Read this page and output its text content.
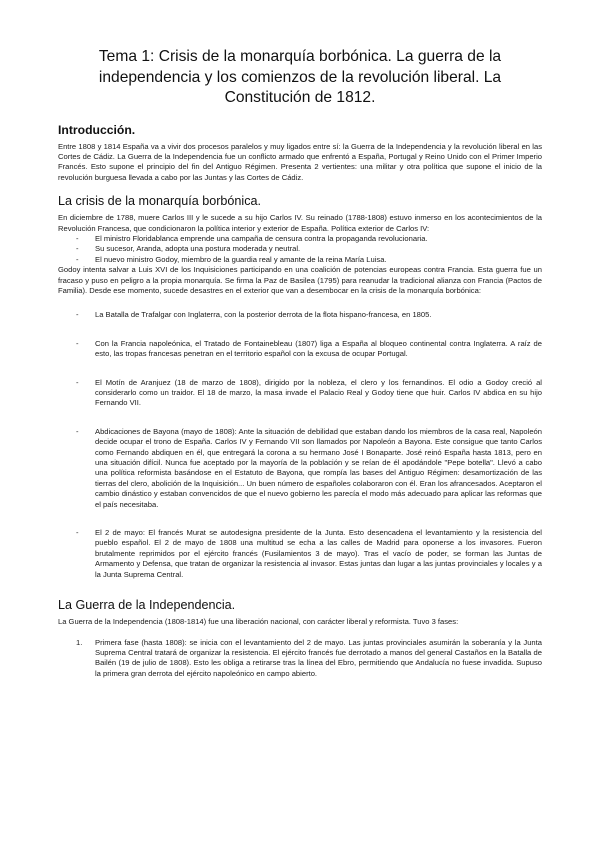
Tema 1: Crisis de la monarquía borbónica. La guerra de la independencia y los comienzos de la revolución liberal. La Constitución de 1812.
Introducción.

Entre 1808 y 1814 España va a vivir dos procesos paralelos y muy ligados entre sí: la Guerra de la Independencia y la revolución liberal en las Cortes de Cádiz. La Guerra de la Independencia fue un conflicto armado que enfrentó a España, Portugal y Reino Unido con el Primer Imperio Francés. Esto supone el principio del fin del Antiguo Régimen. Presenta 2 vertientes: una militar y otra política que supone el inicio de la revolución burguesa llevada a cabo por las Juntas y las Cortes de Cádiz.

La crisis de la monarquía borbónica.

En diciembre de 1788, muere Carlos III y le sucede a su hijo Carlos IV. Su reinado (1788-1808) estuvo inmerso en los acontecimientos de la Revolución Francesa, que condicionaron la política interior y exterior de España. Política exterior de Carlos IV:

- El ministro Floridablanca emprende una campaña de censura contra la propaganda revolucionaria.
- Su sucesor, Aranda, adopta una postura moderada y neutral.
- El nuevo ministro Godoy, miembro de la guardia real y amante de la reina María Luisa.

Godoy intenta salvar a Luis XVI de los Inquisiciones participando en una coalición de potencias europeas contra Francia. Esta guerra fue un fracaso y puso en peligro a la propia monarquía. Se firma la Paz de Basilea (1795) para reanudar la tradicional alianza con Francia (Pactos de Familia). Desde ese momento, sucede desastres en el exterior que van a desembocar en la crisis de la monarquía borbónica:

- La Batalla de Trafalgar con Inglaterra, con la posterior derrota de la flota hispano-francesa, en 1805.
- Con la Francia napoleónica, el Tratado de Fontainebleau (1807) liga a España al bloqueo continental contra Inglaterra. A raíz de esto, las tropas francesas penetran en el territorio español con la excusa de ocupar Portugal.
- El Motín de Aranjuez (18 de marzo de 1808), dirigido por la nobleza, el clero y los fernandinos. El odio a Godoy creció al considerarlo como un traidor. El 18 de marzo, la masa invade el Palacio Real y Godoy tiene que huir. Carlos IV abdica en su hijo Fernando VII.
- Abdicaciones de Bayona (mayo de 1808): Ante la situación de debilidad que estaban dando los miembros de la casa real, Napoleón decide ocupar el trono de España. Carlos IV y Fernando VII son llamados por Napoleón a Bayona. Este consigue que tanto Carlos como Fernando abdiquen en él, que entregará la corona a su hermano José I Bonaparte. José reinó España hasta 1813, pero en una situación difícil. Nunca fue aceptado por la mayoría de la población y se reían de él apodándole "Pepe botella". Llevó a cabo una política reformista basándose en el Estatuto de Bayona, que rompía las bases del Antiguo Régimen: desamortización de las tierras del clero, abolición de la Inquisición... Un buen número de españoles colaboraron con él. Eran los afrancesados. Aceptaron el cambio dinástico y estaban convencidos de que el nuevo gobierno les parecía el modo más adecuado para aplicar las reformas que el país necesitaba.
- El 2 de mayo: El francés Murat se autodesigna presidente de la Junta. Esto desencadena el levantamiento y la resistencia del pueblo español. El 2 de mayo de 1808 una multitud se echa a las calles de Madrid para oponerse a los invasores. Fueron brutalmente reprimidos por el ejército francés (Fusilamientos 3 de mayo). Tras el vacío de poder, se forman las Juntas de Armamento y Defensa, que tratan de organizar la resistencia al invasor. Estas juntas dan lugar a las juntas provinciales y locales y a la Junta Suprema Central.
La Guerra de la Independencia.

La Guerra de la Independencia (1808-1814) fue una liberación nacional, con carácter liberal y reformista. Tuvo 3 fases:

1. Primera fase (hasta 1808): se inicia con el levantamiento del 2 de mayo. Las juntas provinciales asumirán la soberanía y la Junta Suprema Central tratará de organizar la resistencia. El ejército francés fue derrotado a manos del general Castaños en la Batalla de Bailén (19 de julio de 1808). Esto les obliga a retirarse tras la línea del Ebro, permitiendo que Andalucía no fuese invadida. Supuso la primera gran derrota del ejército napoleónico en campo abierto.
